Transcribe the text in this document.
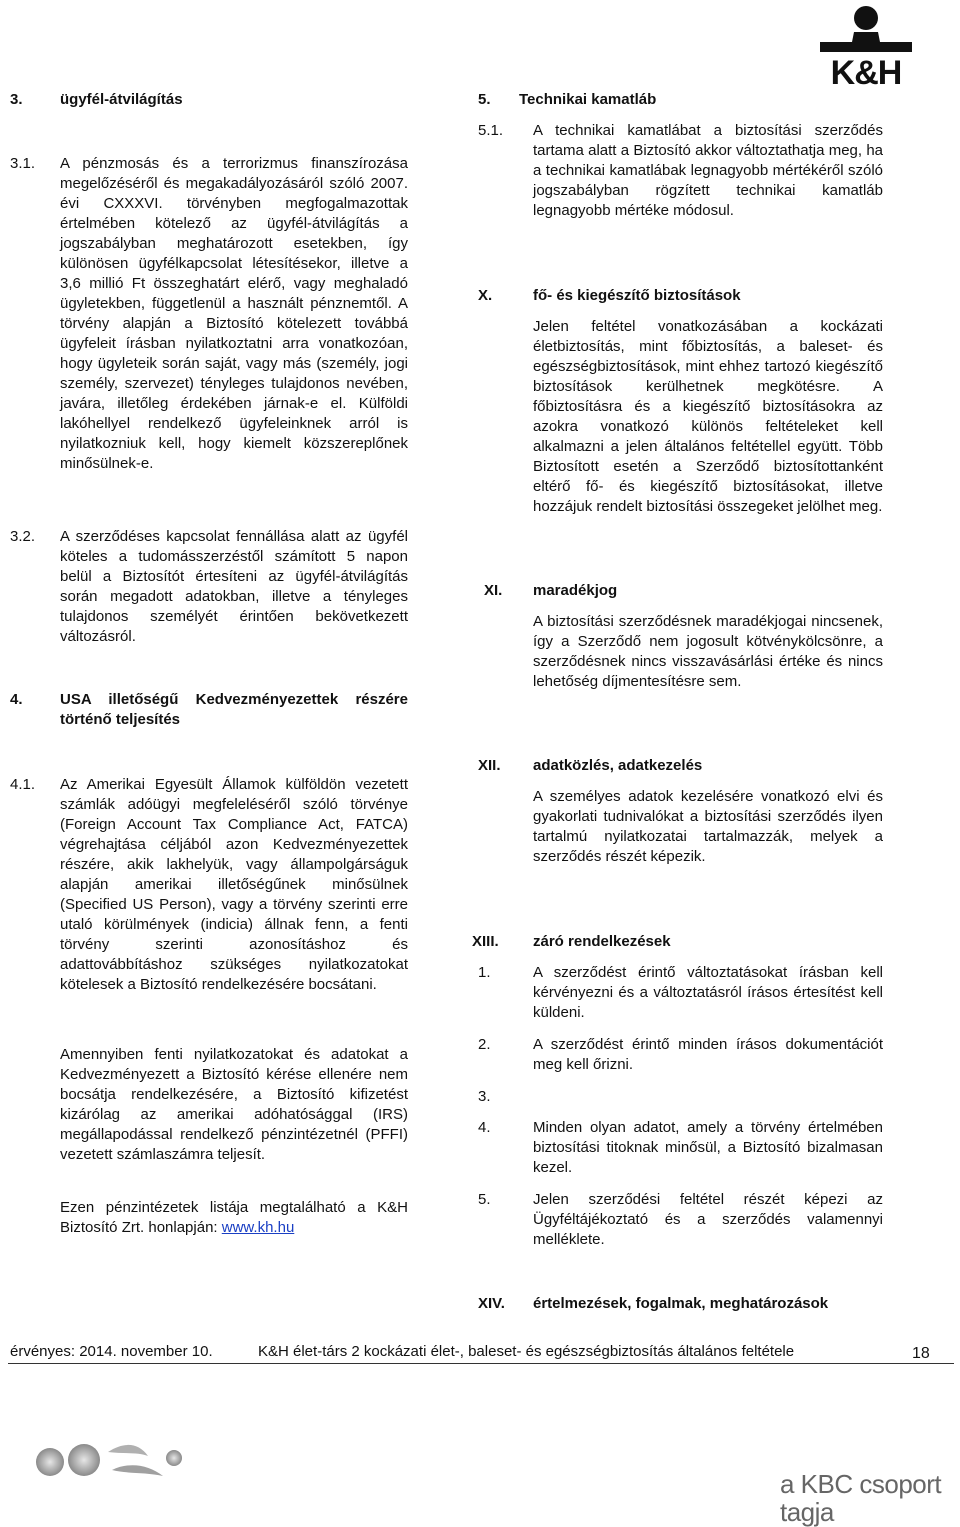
K&H
3. ügyfél-átvilágítás
3.1. A pénzmosás és a terrorizmus finanszírozása megelőzéséről és megakadályozásáról szóló 2007. évi CXXXVI. törvényben megfogalmazottak értelmében kötelező az ügyfél-átvilágítás a jogszabályban meghatározott esetekben, így különösen ügyfélkapcsolat létesítésekor, illetve a 3,6 millió Ft összeghatárt elérő, vagy meghaladó ügyletekben, függetlenül a használt pénznemtől. A törvény alapján a Biztosító kötelezett továbbá ügyfeleit írásban nyilatkoztatni arra vonatkozóan, hogy ügyleteik során saját, vagy más (személy, jogi személy, szervezet) tényleges tulajdonos nevében, javára, illetőleg érdekében járnak-e el. Külföldi lakóhellyel rendelkező ügyfeleinknek arról is nyilatkozniuk kell, hogy kiemelt közszereplőnek minősülnek-e.

3.2. A szerződéses kapcsolat fennállása alatt az ügyfél köteles a tudomásszerzéstől számított 5 napon belül a Biztosítót értesíteni az ügyfél-átvilágítás során megadott adatokban, illetve a tényleges tulajdonos személyét érintően bekövetkezett változásról.

4. USA illetőségű Kedvezményezettek részére történő teljesítés

4.1. Az Amerikai Egyesült Államok külföldön vezetett számlák adóügyi megfeleléséről szóló törvénye (Foreign Account Tax Compliance Act, FATCA) végrehajtása céljából azon Kedvezményezettek részére, akik lakhelyük, vagy állampolgárságuk alapján amerikai illetőségűnek minősülnek (Specified US Person), vagy a törvény szerinti erre utaló körülmények (indicia) állnak fenn, a fenti törvény szerinti azonosításhoz és adattovábbításhoz szükséges nyilatkozatokat kötelesek a Biztosító rendelkezésére bocsátani.

Amennyiben fenti nyilatkozatokat és adatokat a Kedvezményezett a Biztosító kérése ellenére nem bocsátja rendelkezésére, a Biztosító kifizetést kizárólag az amerikai adóhatósággal (IRS) megállapodással rendelkező pénzintézetnél (PFFI) vezetett számlaszámra teljesít.

Ezen pénzintézetek listája megtalálható a K&H Biztosító Zrt. honlapján: www.kh.hu

5. Technikai kamatláb
5.1. A technikai kamatlábat a biztosítási szerződés tartama alatt a Biztosító akkor változtathatja meg, ha a technikai kamatlábak legnagyobb mértékéről szóló jogszabályban rögzített technikai kamatláb legnagyobb mértéke módosul.

X.	fő- és kiegészítő biztosítások

Jelen feltétel vonatkozásában a kockázati életbiztosítás, mint főbiztosítás, a baleset- és egészségbiztosítások, mint ehhez tartozó kiegészítő biztosítások kerülhetnek megkötésre. A főbiztosításra és a kiegészítő biztosításokra az azokra vonatkozó különös feltételeket kell alkalmazni a jelen általános feltétellel együtt. Több Biztosított esetén a Szerződő biztosítottanként eltérő fő- és kiegészítő biztosításokat, illetve hozzájuk rendelt biztosítási összegeket jelölhet meg.

XI. maradékjog

A biztosítási szerződésnek maradékjogai nincsenek, így a Szerződő nem jogosult kötvénykölcsönre, a szerződésnek nincs visszavásárlási értéke és nincs lehetőség díjmentesítésre sem.

XII. adatközlés, adatkezelés

A személyes adatok kezelésére vonatkozó elvi és gyakorlati tudnivalókat a biztosítási szerződés ilyen tartalmú nyilatkozatai tartalmazzák, melyek a szerződés részét képezik.

XIII. záró rendelkezések
1.	A szerződést érintő változtatásokat írásban kell kérvényezni és a változtatásról írásos értesítést kell küldeni.

2.	A szerződést érintő minden írásos dokumentációt meg kell őrizni.

3.

4.	Minden olyan adatot, amely a törvény értelmében biztosítási titoknak minősül, a Biztosító bizalmasan kezel.

5.	Jelen szerződési feltétel részét képezi az Ügyféltájékoztató és a szerződés valamennyi melléklete.

XIV. értelmezések, fogalmak, meghatározások
érvényes: 2014. november 10.	K&H élet-társ 2 kockázati élet-, baleset- és egészségbiztosítás általános feltétele	18
a KBC csoport tagja
